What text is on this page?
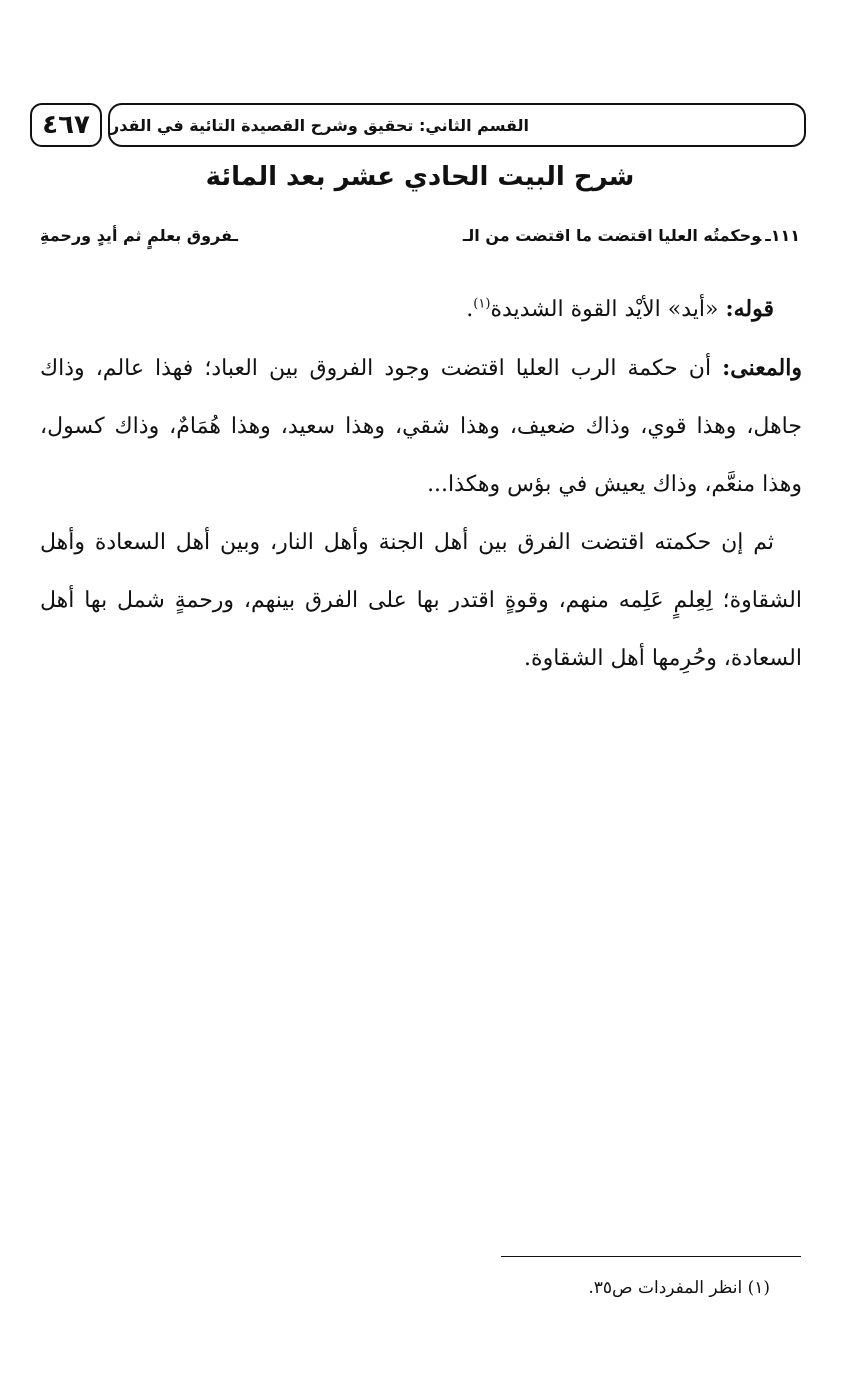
٤٦٧	القسم الثاني: تحقيق وشرح القصيدة التائية في القدر
شرح البيت الحادي عشر بعد المائة
١١١ـوحكمتُه العليا اقتضت ما اقتضت من الـ
ـفروق بعلمٍ ثم أيدٍ ورحمةِ

قوله: «أيد» الأيْد القوة الشديدة$^{(١)}$.

والمعنى: أن حكمة الرب العليا اقتضت وجود الفروق بين العباد؛ فهذا عالم، وذاك جاهل، وهذا قوي، وذاك ضعيف، وهذا شقي، وهذا سعيد، وهذا هُمَامٌ، وذاك كسول، وهذا منعَّم، وذاك يعيش في بؤس وهكذا...

ثم إن حكمته اقتضت الفرق بين أهل الجنة وأهل النار، وبين أهل السعادة وأهل الشقاوة؛ لِعِلمٍ عَلِمه منهم، وقوةٍ اقتدر بها على الفرق بينهم، ورحمةٍ شمل بها أهل السعادة، وحُرِمها أهل الشقاوة.

(١) انظر المفردات ص٣٥.
